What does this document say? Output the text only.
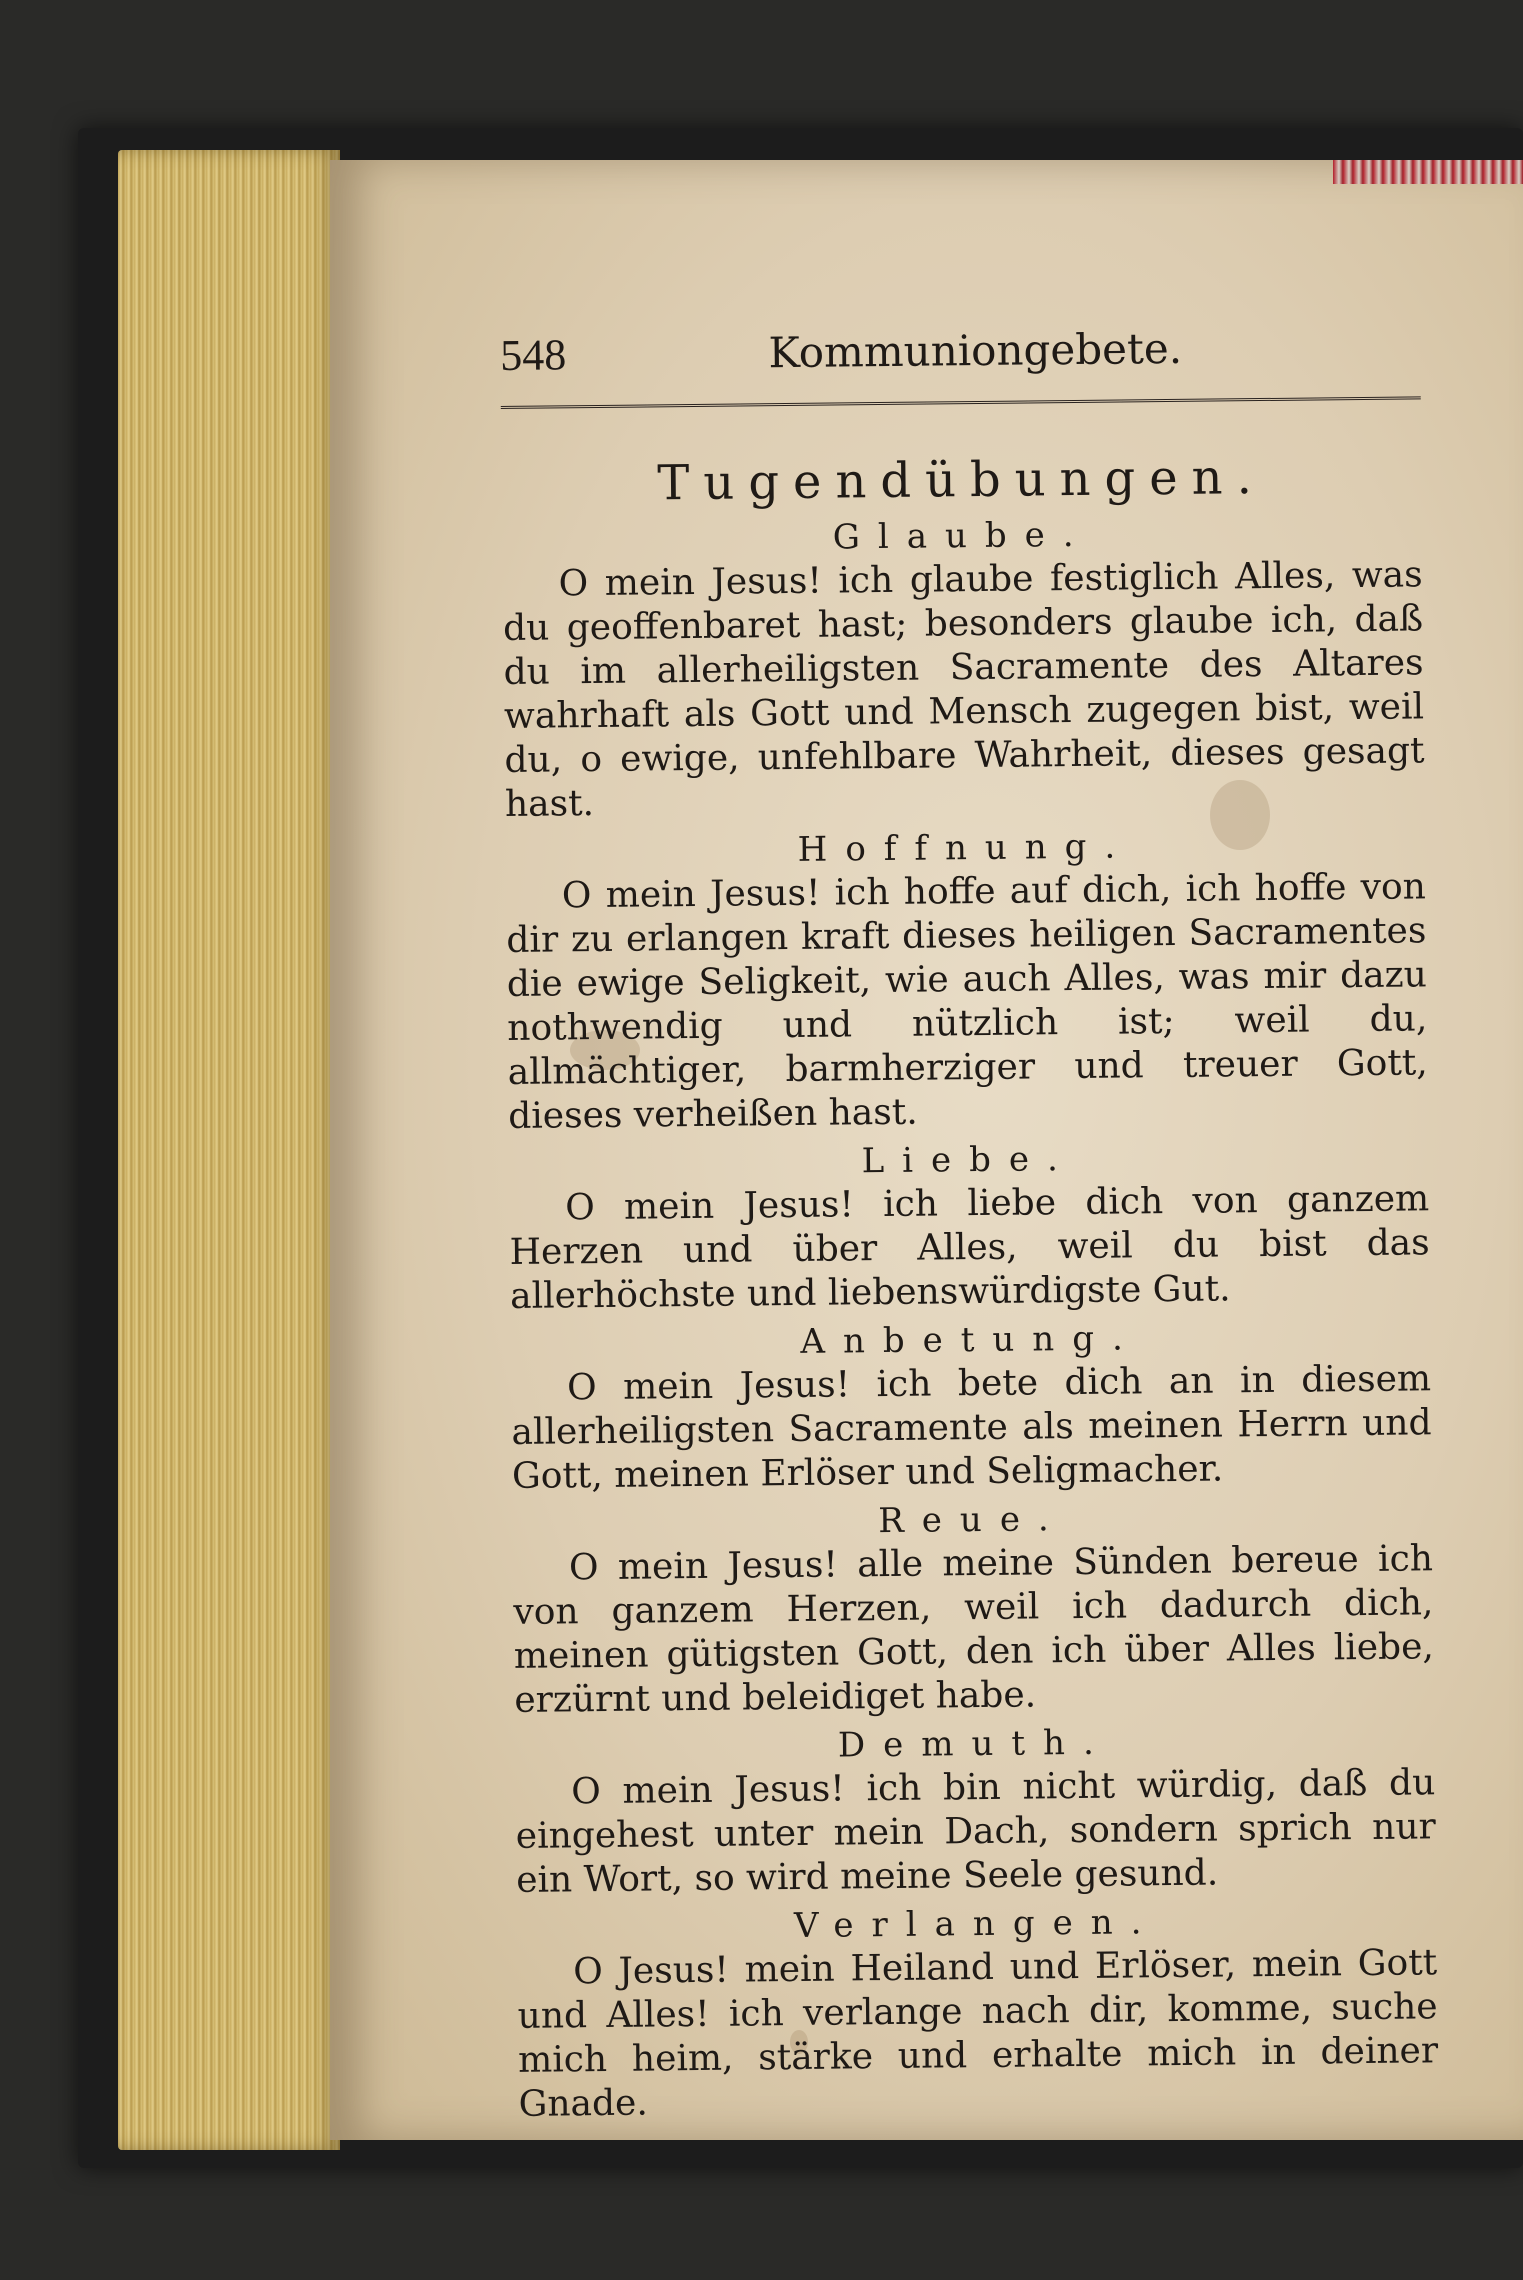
548	Kommuniongebete.
Tugendübungen.
Glaube.

O mein Jesus! ich glaube festiglich Alles, was du geoffenbaret hast; besonders glaube ich, daß du im allerheiligsten Sacramente des Altares wahrhaft als Gott und Mensch zugegen bist, weil du, o ewige, unfehlbare Wahrheit, dieses gesagt hast.

Hoffnung.

O mein Jesus! ich hoffe auf dich, ich hoffe von dir zu erlangen kraft dieses heiligen Sacramentes die ewige Seligkeit, wie auch Alles, was mir dazu nothwendig und nützlich ist; weil du, allmächtiger, barmherziger und treuer Gott, dieses verheißen hast.

Liebe.

O mein Jesus! ich liebe dich von ganzem Herzen und über Alles, weil du bist das allerhöchste und liebenswürdigste Gut.

Anbetung.

O mein Jesus! ich bete dich an in diesem allerheiligsten Sacramente als meinen Herrn und Gott, meinen Erlöser und Seligmacher.

Reue.

O mein Jesus! alle meine Sünden bereue ich von ganzem Herzen, weil ich dadurch dich, meinen gütigsten Gott, den ich über Alles liebe, erzürnt und beleidiget habe.

Demuth.

O mein Jesus! ich bin nicht würdig, daß du eingehest unter mein Dach, sondern sprich nur ein Wort, so wird meine Seele gesund.

Verlangen.

O Jesus! mein Heiland und Erlöser, mein Gott und Alles! ich verlange nach dir, komme, suche mich heim, stärke und erhalte mich in deiner Gnade.
